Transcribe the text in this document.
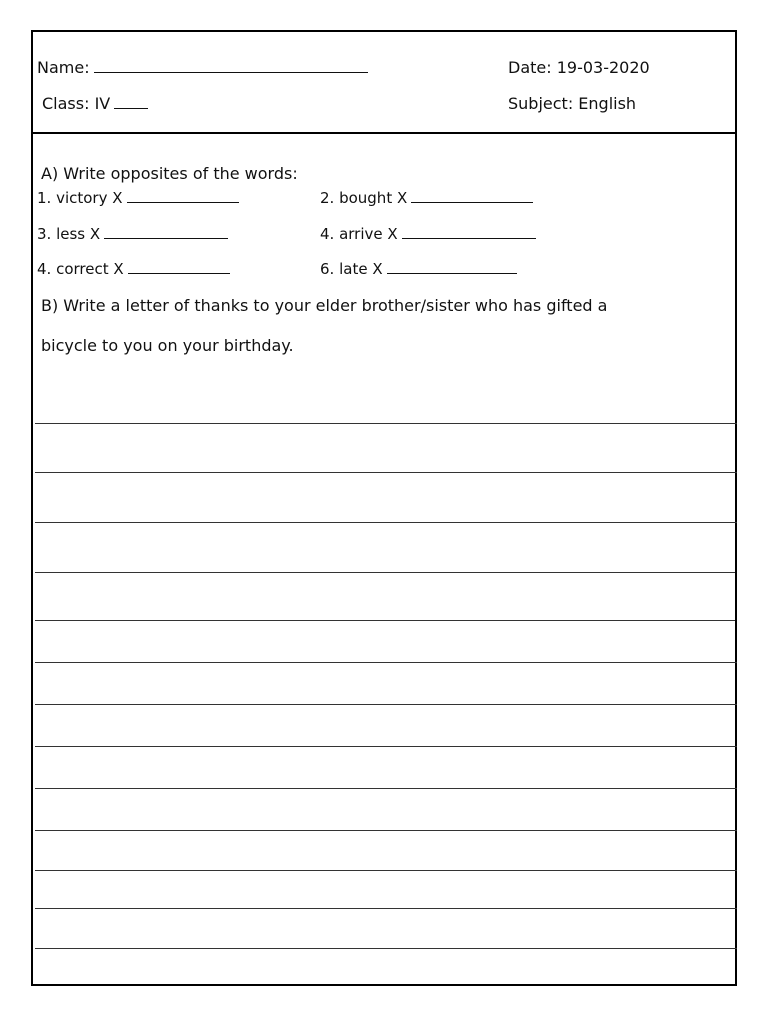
Name:	Date: 19-03-2020
Class: IV	Subject: English
A) Write opposites of the words:
1. victory X	2. bought X
3. less X	4. arrive X
4. correct X	6. late X
B) Write a letter of thanks to your elder brother/sister who has gifted a
bicycle to you on your birthday.
